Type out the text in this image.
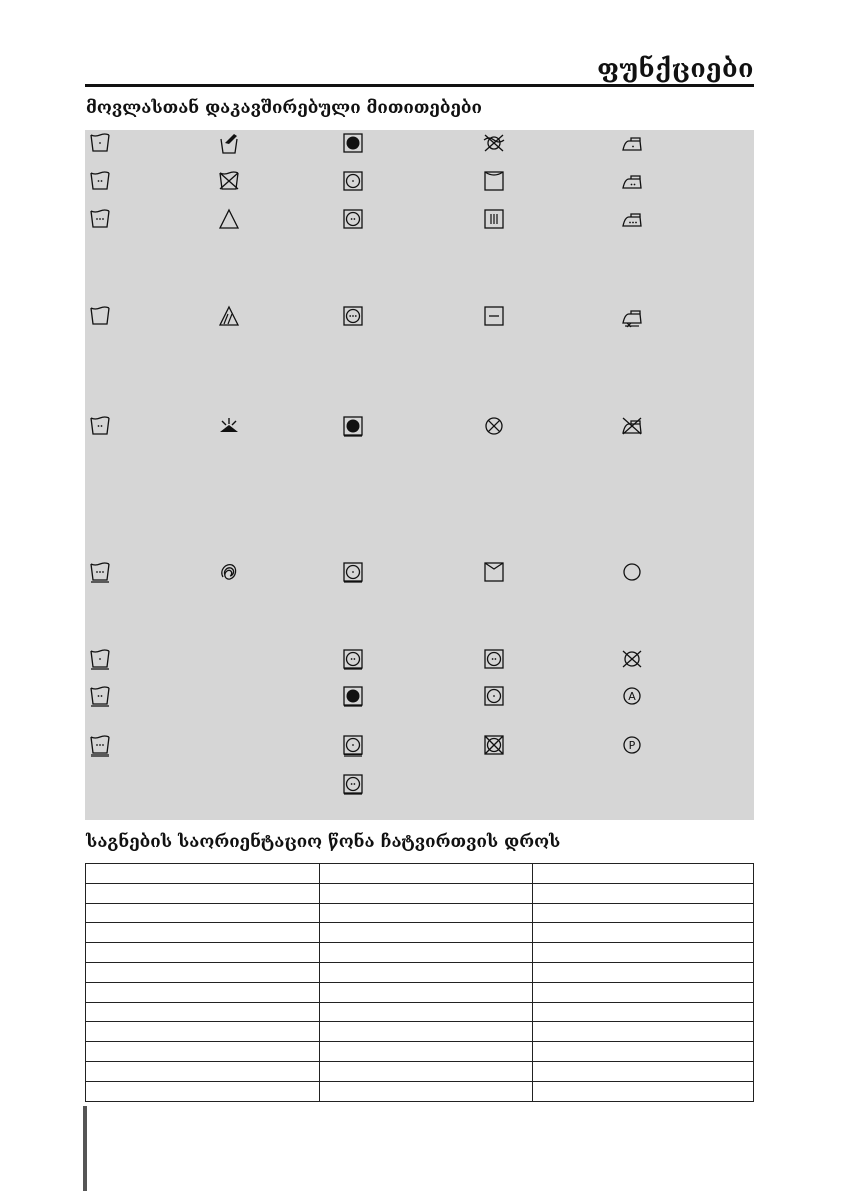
ფუნქციები
მოვლასთან დაკავშირებული მითითებები
A
P
საგნების საორიენტაციო წონა ჩატვირთვის დროს
